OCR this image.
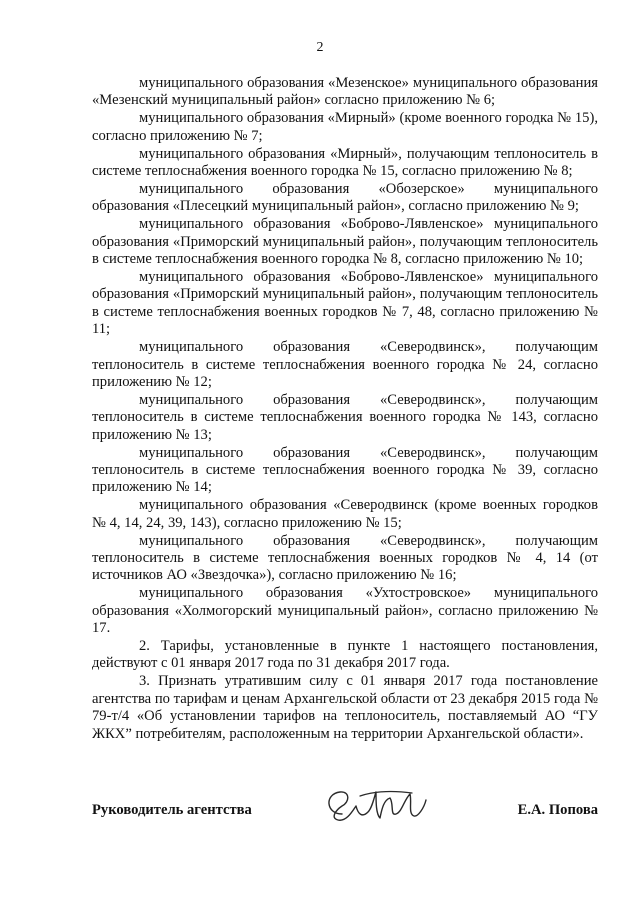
2

муниципального образования «Мезенское» муниципального образования «Мезенский муниципальный район» согласно приложению № 6;

муниципального образования «Мирный» (кроме военного городка № 15), согласно приложению № 7;

муниципального образования «Мирный», получающим теплоноситель в системе теплоснабжения военного городка № 15, согласно приложению № 8;

муниципального образования «Обозерское» муниципального образования «Плесецкий муниципальный район», согласно приложению № 9;

муниципального образования «Боброво-Лявленское» муниципального образования «Приморский муниципальный район», получающим теплоноситель в системе теплоснабжения военного городка № 8, согласно приложению № 10;

муниципального образования «Боброво-Лявленское» муниципального образования «Приморский муниципальный район», получающим теплоноситель в системе теплоснабжения военных городков № 7, 48, согласно приложению № 11;

муниципального образования «Северодвинск», получающим теплоноситель в системе теплоснабжения военного городка № 24, согласно приложению № 12;

муниципального образования «Северодвинск», получающим теплоноситель в системе теплоснабжения военного городка № 143, согласно приложению № 13;

муниципального образования «Северодвинск», получающим теплоноситель в системе теплоснабжения военного городка № 39, согласно приложению № 14;

муниципального образования «Северодвинск (кроме военных городков № 4, 14, 24, 39, 143), согласно приложению № 15;

муниципального образования «Северодвинск», получающим теплоноситель в системе теплоснабжения военных городков № 4, 14 (от источников АО «Звездочка»), согласно приложению № 16;

муниципального образования «Ухтостровское» муниципального образования «Холмогорский муниципальный район», согласно приложению № 17.

2. Тарифы, установленные в пункте 1 настоящего постановления, действуют с 01 января 2017 года по 31 декабря 2017 года.

3. Признать утратившим силу с 01 января 2017 года постановление агентства по тарифам и ценам Архангельской области от 23 декабря 2015 года № 79-т/4 «Об установлении тарифов на теплоноситель, поставляемый АО “ГУ ЖКХ” потребителям, расположенным на территории Архангельской области».

Руководитель агентства	Е.А. Попова
